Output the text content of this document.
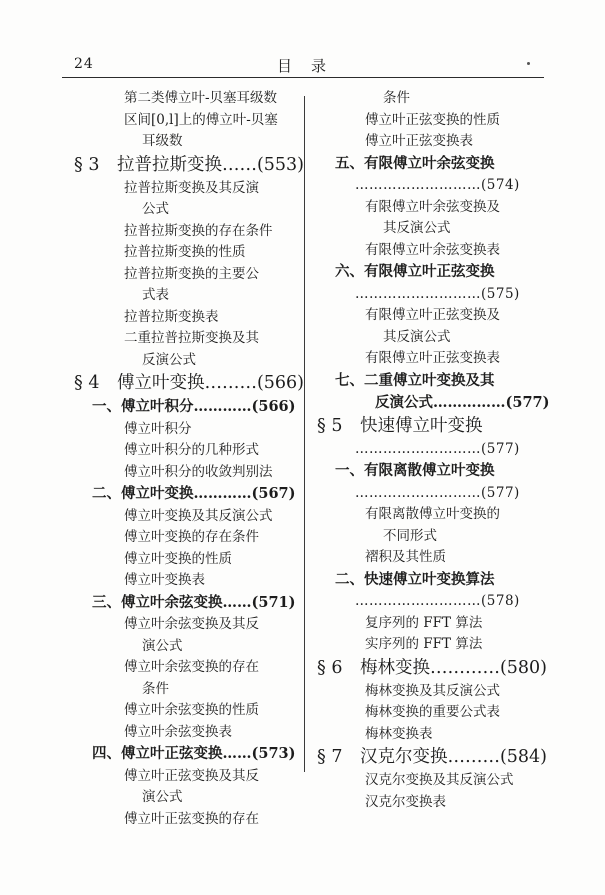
24	目　录
第二类傅立叶-贝塞耳级数
区间[0,l]上的傅立叶-贝塞
耳级数
§ 3　拉普拉斯变换……(553)
拉普拉斯变换及其反演
公式
拉普拉斯变换的存在条件
拉普拉斯变换的性质
拉普拉斯变换的主要公
式表
拉普拉斯变换表
二重拉普拉斯变换及其
反演公式
§ 4　傅立叶变换………(566)
一、傅立叶积分…………(566)
傅立叶积分
傅立叶积分的几种形式
傅立叶积分的收敛判别法
二、傅立叶变换…………(567)
傅立叶变换及其反演公式
傅立叶变换的存在条件
傅立叶变换的性质
傅立叶变换表
三、傅立叶余弦变换……(571)
傅立叶余弦变换及其反
演公式
傅立叶余弦变换的存在
条件
傅立叶余弦变换的性质
傅立叶余弦变换表
四、傅立叶正弦变换……(573)
傅立叶正弦变换及其反
演公式
傅立叶正弦变换的存在
条件
傅立叶正弦变换的性质
傅立叶正弦变换表
五、有限傅立叶余弦变换
………………………(574)
有限傅立叶余弦变换及
其反演公式
有限傅立叶余弦变换表
六、有限傅立叶正弦变换
………………………(575)
有限傅立叶正弦变换及
其反演公式
有限傅立叶正弦变换表
七、二重傅立叶变换及其
反演公式……………(577)
§ 5　快速傅立叶变换
………………………(577)
一、有限离散傅立叶变换
………………………(577)
有限离散傅立叶变换的
不同形式
褶积及其性质
二、快速傅立叶变换算法
………………………(578)
复序列的 FFT 算法
实序列的 FFT 算法
§ 6　梅林变换…………(580)
梅林变换及其反演公式
梅林变换的重要公式表
梅林变换表
§ 7　汉克尔变换………(584)
汉克尔变换及其反演公式
汉克尔变换表
